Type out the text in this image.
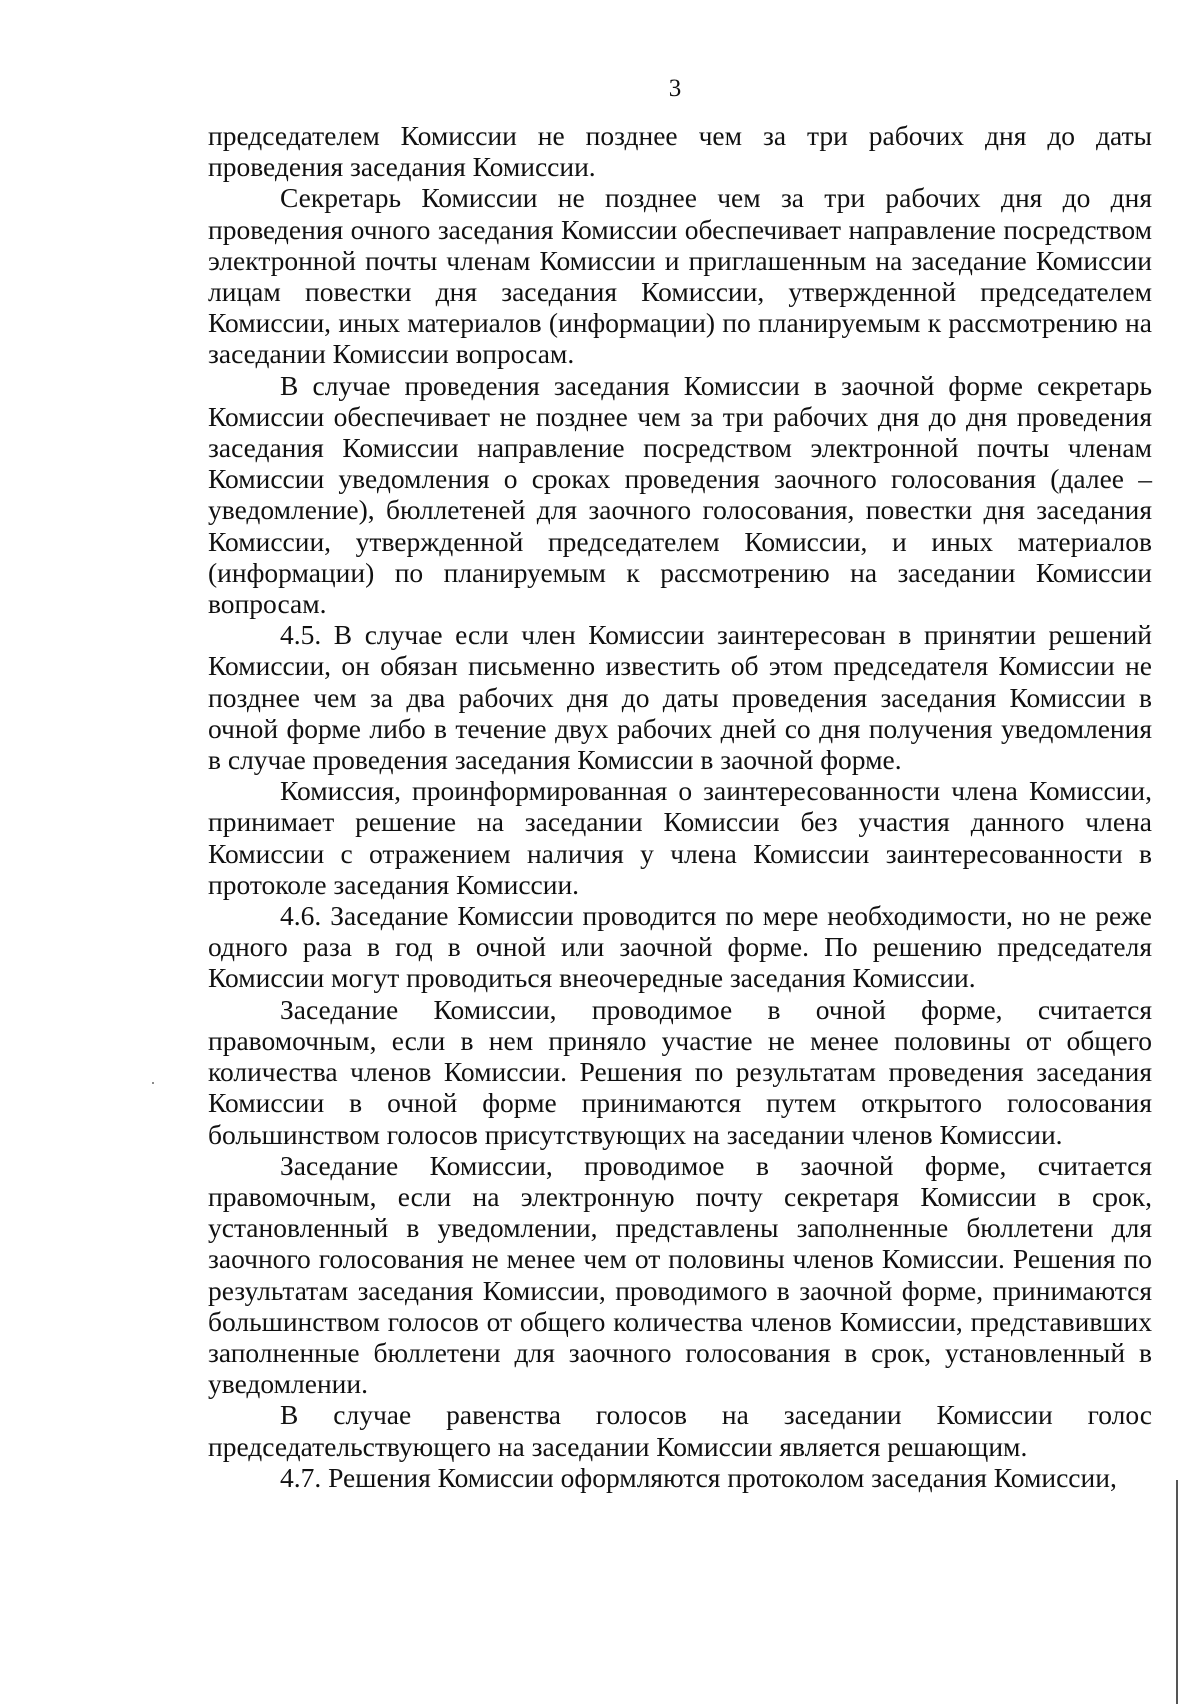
3

председателем Комиссии не позднее чем за три рабочих дня до даты проведения заседания Комиссии.

Секретарь Комиссии не позднее чем за три рабочих дня до дня проведения очного заседания Комиссии обеспечивает направление посредством электронной почты членам Комиссии и приглашенным на заседание Комиссии лицам повестки дня заседания Комиссии, утвержденной председателем Комиссии, иных материалов (информации) по планируемым к рассмотрению на заседании Комиссии вопросам.

В случае проведения заседания Комиссии в заочной форме секретарь Комиссии обеспечивает не позднее чем за три рабочих дня до дня проведения заседания Комиссии направление посредством электронной почты членам Комиссии уведомления о сроках проведения заочного голосования (далее – уведомление), бюллетеней для заочного голосования, повестки дня заседания Комиссии, утвержденной председателем Комиссии, и иных материалов (информации) по планируемым к рассмотрению на заседании Комиссии вопросам.

4.5. В случае если член Комиссии заинтересован в принятии решений Комиссии, он обязан письменно известить об этом председателя Комиссии не позднее чем за два рабочих дня до даты проведения заседания Комиссии в очной форме либо в течение двух рабочих дней со дня получения уведомления в случае проведения заседания Комиссии в заочной форме.

Комиссия, проинформированная о заинтересованности члена Комиссии, принимает решение на заседании Комиссии без участия данного члена Комиссии с отражением наличия у члена Комиссии заинтересованности в протоколе заседания Комиссии.

4.6. Заседание Комиссии проводится по мере необходимости, но не реже одного раза в год в очной или заочной форме. По решению председателя Комиссии могут проводиться внеочередные заседания Комиссии.

Заседание Комиссии, проводимое в очной форме, считается правомочным, если в нем приняло участие не менее половины от общего количества членов Комиссии. Решения по результатам проведения заседания Комиссии в очной форме принимаются путем открытого голосования большинством голосов присутствующих на заседании членов Комиссии.

Заседание Комиссии, проводимое в заочной форме, считается правомочным, если на электронную почту секретаря Комиссии в срок, установленный в уведомлении, представлены заполненные бюллетени для заочного голосования не менее чем от половины членов Комиссии. Решения по результатам заседания Комиссии, проводимого в заочной форме, принимаются большинством голосов от общего количества членов Комиссии, представивших заполненные бюллетени для заочного голосования в срок, установленный в уведомлении.

В случае равенства голосов на заседании Комиссии голос председательствующего на заседании Комиссии является решающим.

4.7. Решения Комиссии оформляются протоколом заседания Комиссии,
